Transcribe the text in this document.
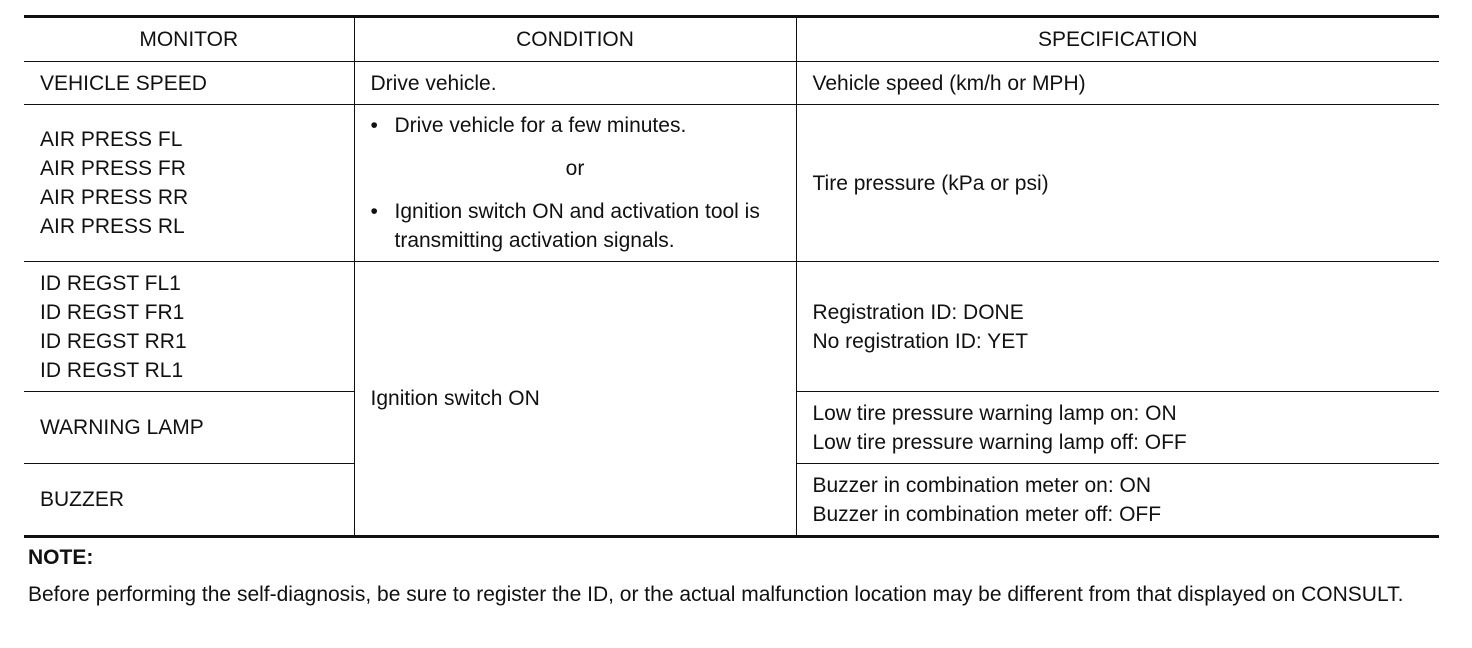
MONITOR	CONDITION	SPECIFICATION
VEHICLE SPEED	Drive vehicle.	Vehicle speed (km/h or MPH)

AIR PRESS FL
AIR PRESS FR
AIR PRESS RR
AIR PRESS RL	• Drive vehicle for a few minutes.
or
• Ignition switch ON and activation tool is transmitting activation signals.	Tire pressure (kPa or psi)

ID REGST FL1
ID REGST FR1
ID REGST RR1
ID REGST RL1	Ignition switch ON	Registration ID: DONE
No registration ID: YET

WARNING LAMP		Low tire pressure warning lamp on: ON
Low tire pressure warning lamp off: OFF

BUZZER		Buzzer in combination meter on: ON
Buzzer in combination meter off: OFF

NOTE:

Before performing the self-diagnosis, be sure to register the ID, or the actual malfunction location may be different from that displayed on CONSULT.
